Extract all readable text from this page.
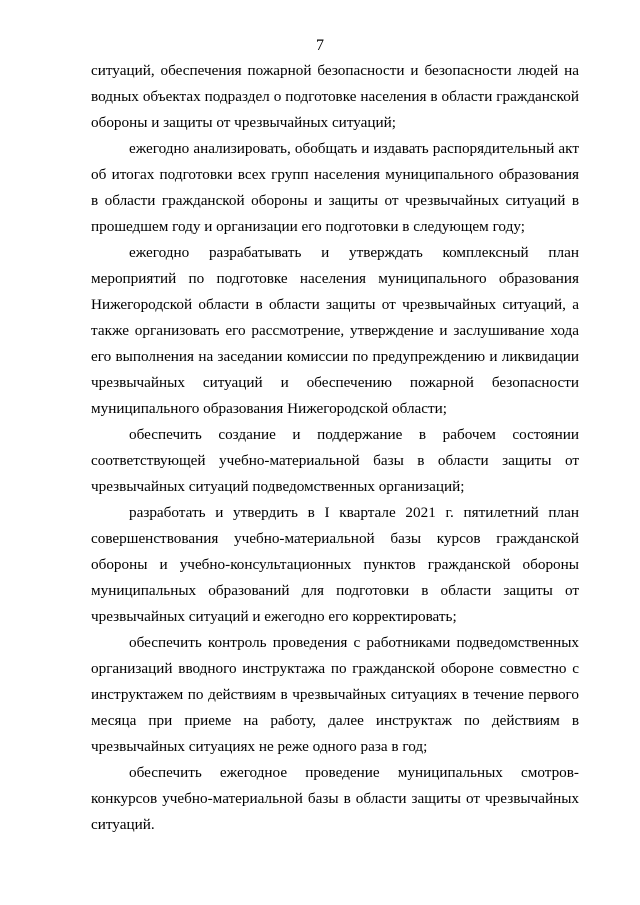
7

ситуаций, обеспечения пожарной безопасности и безопасности людей на водных объектах подраздел о подготовке населения в области гражданской обороны и защиты от чрезвычайных ситуаций;

ежегодно анализировать, обобщать и издавать распорядительный акт об итогах подготовки всех групп населения муниципального образования в области гражданской обороны и защиты от чрезвычайных ситуаций в прошедшем году и организации его подготовки в следующем году;

ежегодно разрабатывать и утверждать комплексный план мероприятий по подготовке населения муниципального образования Нижегородской области в области защиты от чрезвычайных ситуаций, а также организовать его рассмотрение, утверждение и заслушивание хода его выполнения на заседании комиссии по предупреждению и ликвидации чрезвычайных ситуаций и обеспечению пожарной безопасности муниципального образования Нижегородской области;

обеспечить создание и поддержание в рабочем состоянии соответствующей учебно-материальной базы в области защиты от чрезвычайных ситуаций подведомственных организаций;

разработать и утвердить в I квартале 2021 г. пятилетний план совершенствования учебно-материальной базы курсов гражданской обороны и учебно-консультационных пунктов гражданской обороны муниципальных образований для подготовки в области защиты от чрезвычайных ситуаций и ежегодно его корректировать;

обеспечить контроль проведения с работниками подведомственных организаций вводного инструктажа по гражданской обороне совместно с инструктажем по действиям в чрезвычайных ситуациях в течение первого месяца при приеме на работу, далее инструктаж по действиям в чрезвычайных ситуациях не реже одного раза в год;

обеспечить ежегодное проведение муниципальных смотров-конкурсов учебно-материальной базы в области защиты от чрезвычайных ситуаций.
